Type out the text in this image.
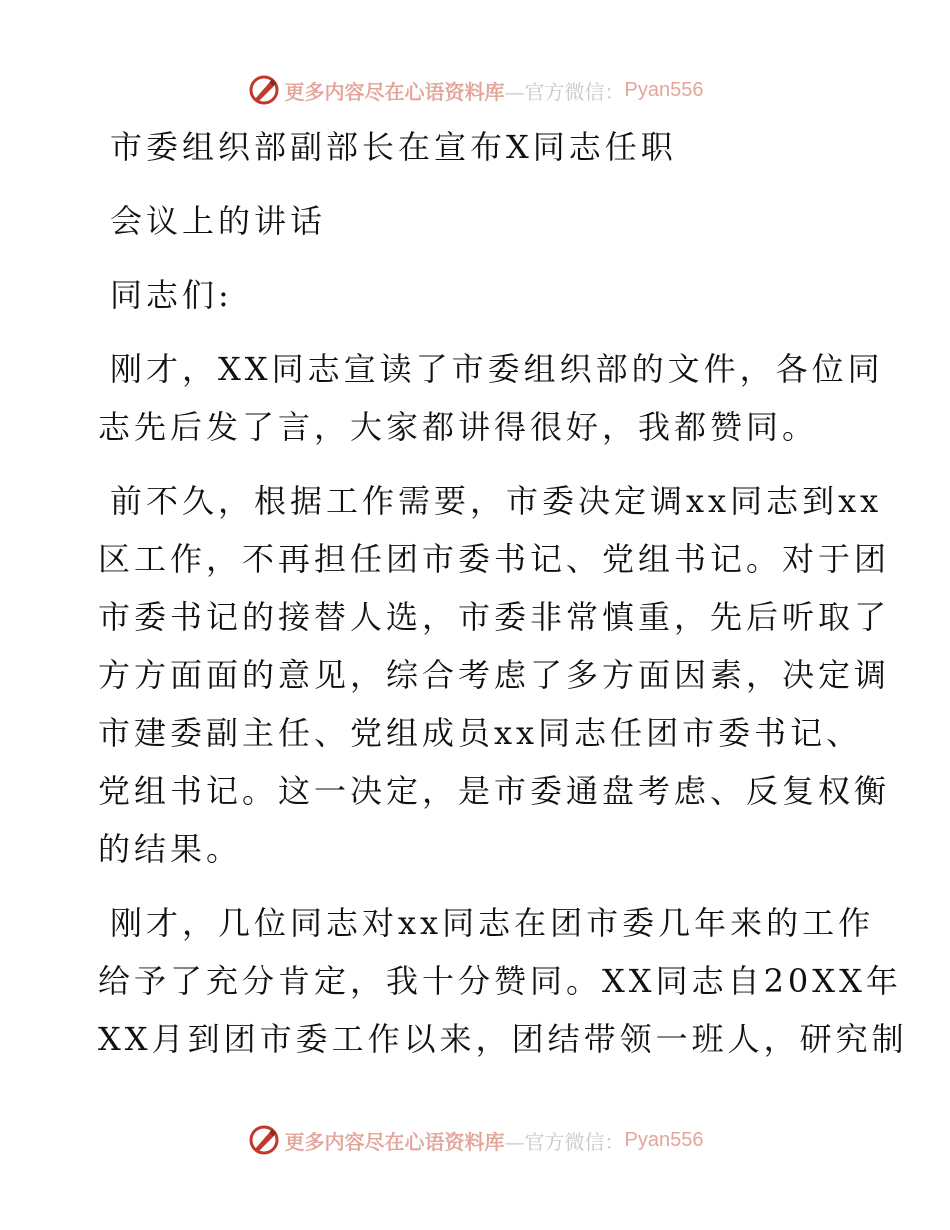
更多内容尽在心语资料库 —官方微信： Pyan556

市委组织部副部长在宣布X同志任职

会议上的讲话

同志们:

刚才，XX同志宣读了市委组织部的文件，各位同

志先后发了言，大家都讲得很好，我都赞同。

前不久，根据工作需要，市委决定调xx同志到xx

区工作，不再担任团市委书记、党组书记。对于团

市委书记的接替人选，市委非常慎重，先后听取了

方方面面的意见，综合考虑了多方面因素，决定调

市建委副主任、党组成员xx同志任团市委书记、

党组书记。这一决定，是市委通盘考虑、反复权衡

的结果。

刚才，几位同志对xx同志在团市委几年来的工作

给予了充分肯定，我十分赞同。XX同志自20XX年

XX月到团市委工作以来，团结带领一班人，研究制

更多内容尽在心语资料库 —官方微信： Pyan556
